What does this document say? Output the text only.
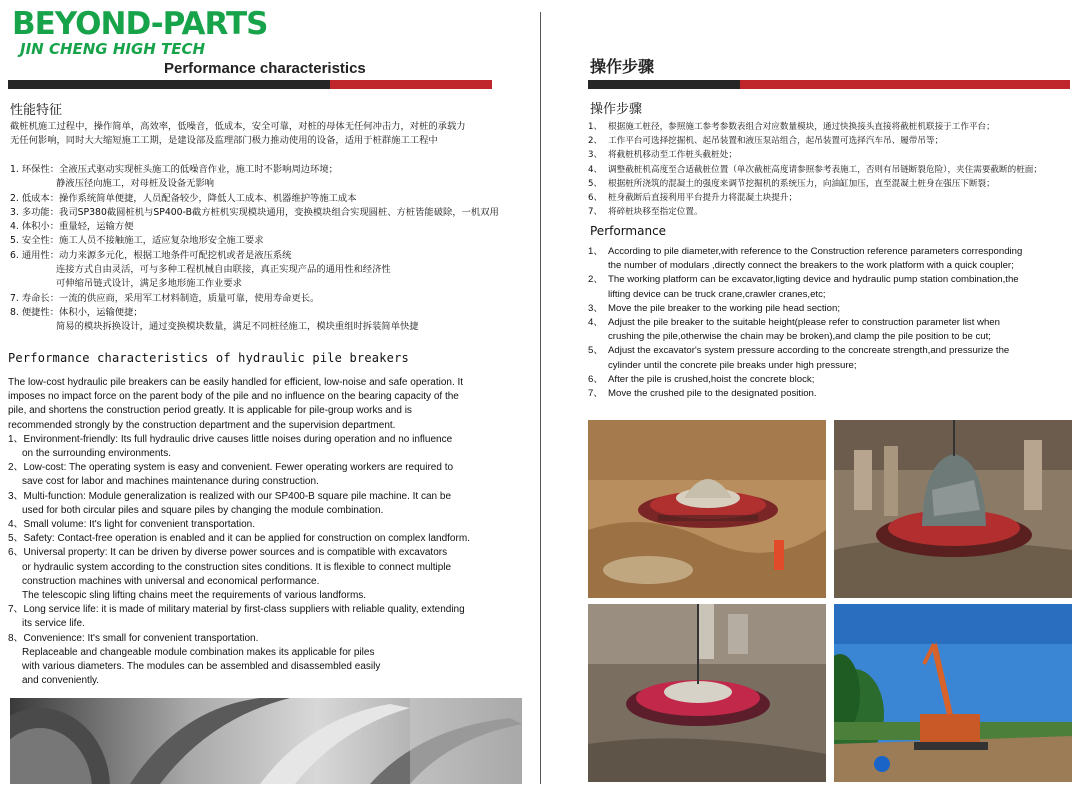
BEYOND-PARTS
JIN CHENG HIGH TECH
Performance characteristics
性能特征
截桩机施工过程中，操作简单，高效率，低噪音，低成本，安全可靠，对桩的母体无任何冲击力，对桩的承载力
无任何影响，同时大大缩短施工工期，是建设部及监理部门极力推动使用的设备，适用于桩群施工工程中
1. 环保性： 全液压式驱动实现桩头施工的低噪音作业，施工时不影响周边环境；
静液压径向施工，对母桩及设备无影响
2. 低成本： 操作系统简单便捷，人员配备较少，降低人工成本、机器维护等施工成本
3. 多功能： 我司SP380截圆桩机与SP400-B截方桩机实现模块通用，变换模块组合实现圆桩、方桩皆能破除，一机双用
4. 体积小： 重量轻，运输方便
5. 安全性： 施工人员不接触施工，适应复杂地形安全施工要求
6. 通用性： 动力来源多元化，根据工地条件可配挖机或者是液压系统
连接方式自由灵活，可与多种工程机械自由联接，真正实现产品的通用性和经济性
可伸缩吊链式设计，满足多地形施工作业要求
7. 寿命长： 一流的供应商，采用军工材料制造，质量可靠，使用寿命更长。
8. 便捷性： 体积小，运输便捷；
简易的模块拆换设计，通过变换模块数量，满足不同桩径施工，模块重组时拆装简单快捷
Performance characteristics of hydraulic pile breakers
The low-cost hydraulic pile breakers can be easily handled for efficient, low-noise and safe operation. It
imposes no impact force on the parent body of the pile and no influence on the bearing capacity of the
pile, and shortens the construction period greatly. It is applicable for pile-group works and is
recommended strongly by the construction department and the supervision department.
1、Environment-friendly: Its full hydraulic drive causes little noises during operation and no influence
on the surrounding environments.
2、Low-cost: The operating system is easy and convenient. Fewer operating workers are required to
save cost for labor and machines maintenance during construction.
3、Multi-function: Module generalization is realized with our SP400-B square pile machine. It can be
used for both circular piles and square piles by changing the module combination.
4、Small volume: It's light for convenient transportation.
5、Safety: Contact-free operation is enabled and it can be applied for construction on complex landform.
6、Universal property: It can be driven by diverse power sources and is compatible with excavators
or hydraulic system according to the construction sites conditions. It is flexible to connect multiple
construction machines with universal and economical performance.
The telescopic sling lifting chains meet the requirements of various landforms.
7、Long service life: it is made of military material by first-class suppliers with reliable quality, extending
its service life.
8、Convenience: It's small for convenient transportation.
Replaceable and changeable module combination makes its applicable for piles
with various diameters. The modules can be assembled and disassembled easily
and conveniently.
操作步骤
操作步骤
1、 根据施工桩径，参照施工参考参数表组合对应数量模块，通过快换接头直接将截桩机联接于工作平台；
2、 工作平台可选择挖掘机、起吊装置和液压泵站组合，起吊装置可选择汽车吊、履带吊等；
3、 将截桩机移动至工作桩头截桩处；
4、 调整截桩机高度至合适截桩位置（单次截桩高度请参照参考表施工，否则有吊链断裂危险），夹住需要截断的桩面；
5、 根据桩所浇筑的混凝土的强度来调节挖掘机的系统压力，向油缸加压，直至混凝土桩身在强压下断裂；
6、 桩身截断后直接利用平台提升力将混凝土块提升；
7、 将碎桩块移至指定位置。
Performance
1、 According to pile diameter,with reference to the Construction reference parameters corresponding
the number of modulars ,directly connect the breakers to the work platform with a quick coupler;
2、 The working platform can be excavator,ligting device and hydraulic pump station combination,the
lifting device can be truck crane,crawler cranes,etc;
3、 Move the pile breaker to the working pile head section;
4、 Adjust the pile breaker to the suitable height(please refer to construction parameter list when
crushing the pile,otherwise the chain may be broken),and clamp the pile position to be cut;
5、 Adjust the excavator's system pressure according to the concreate strength,and pressurize the
cylinder until the concrete pile breaks under high pressure;
6、 After the pile is crushed,hoist the concrete block;
7、 Move the crushed pile to the designated position.
